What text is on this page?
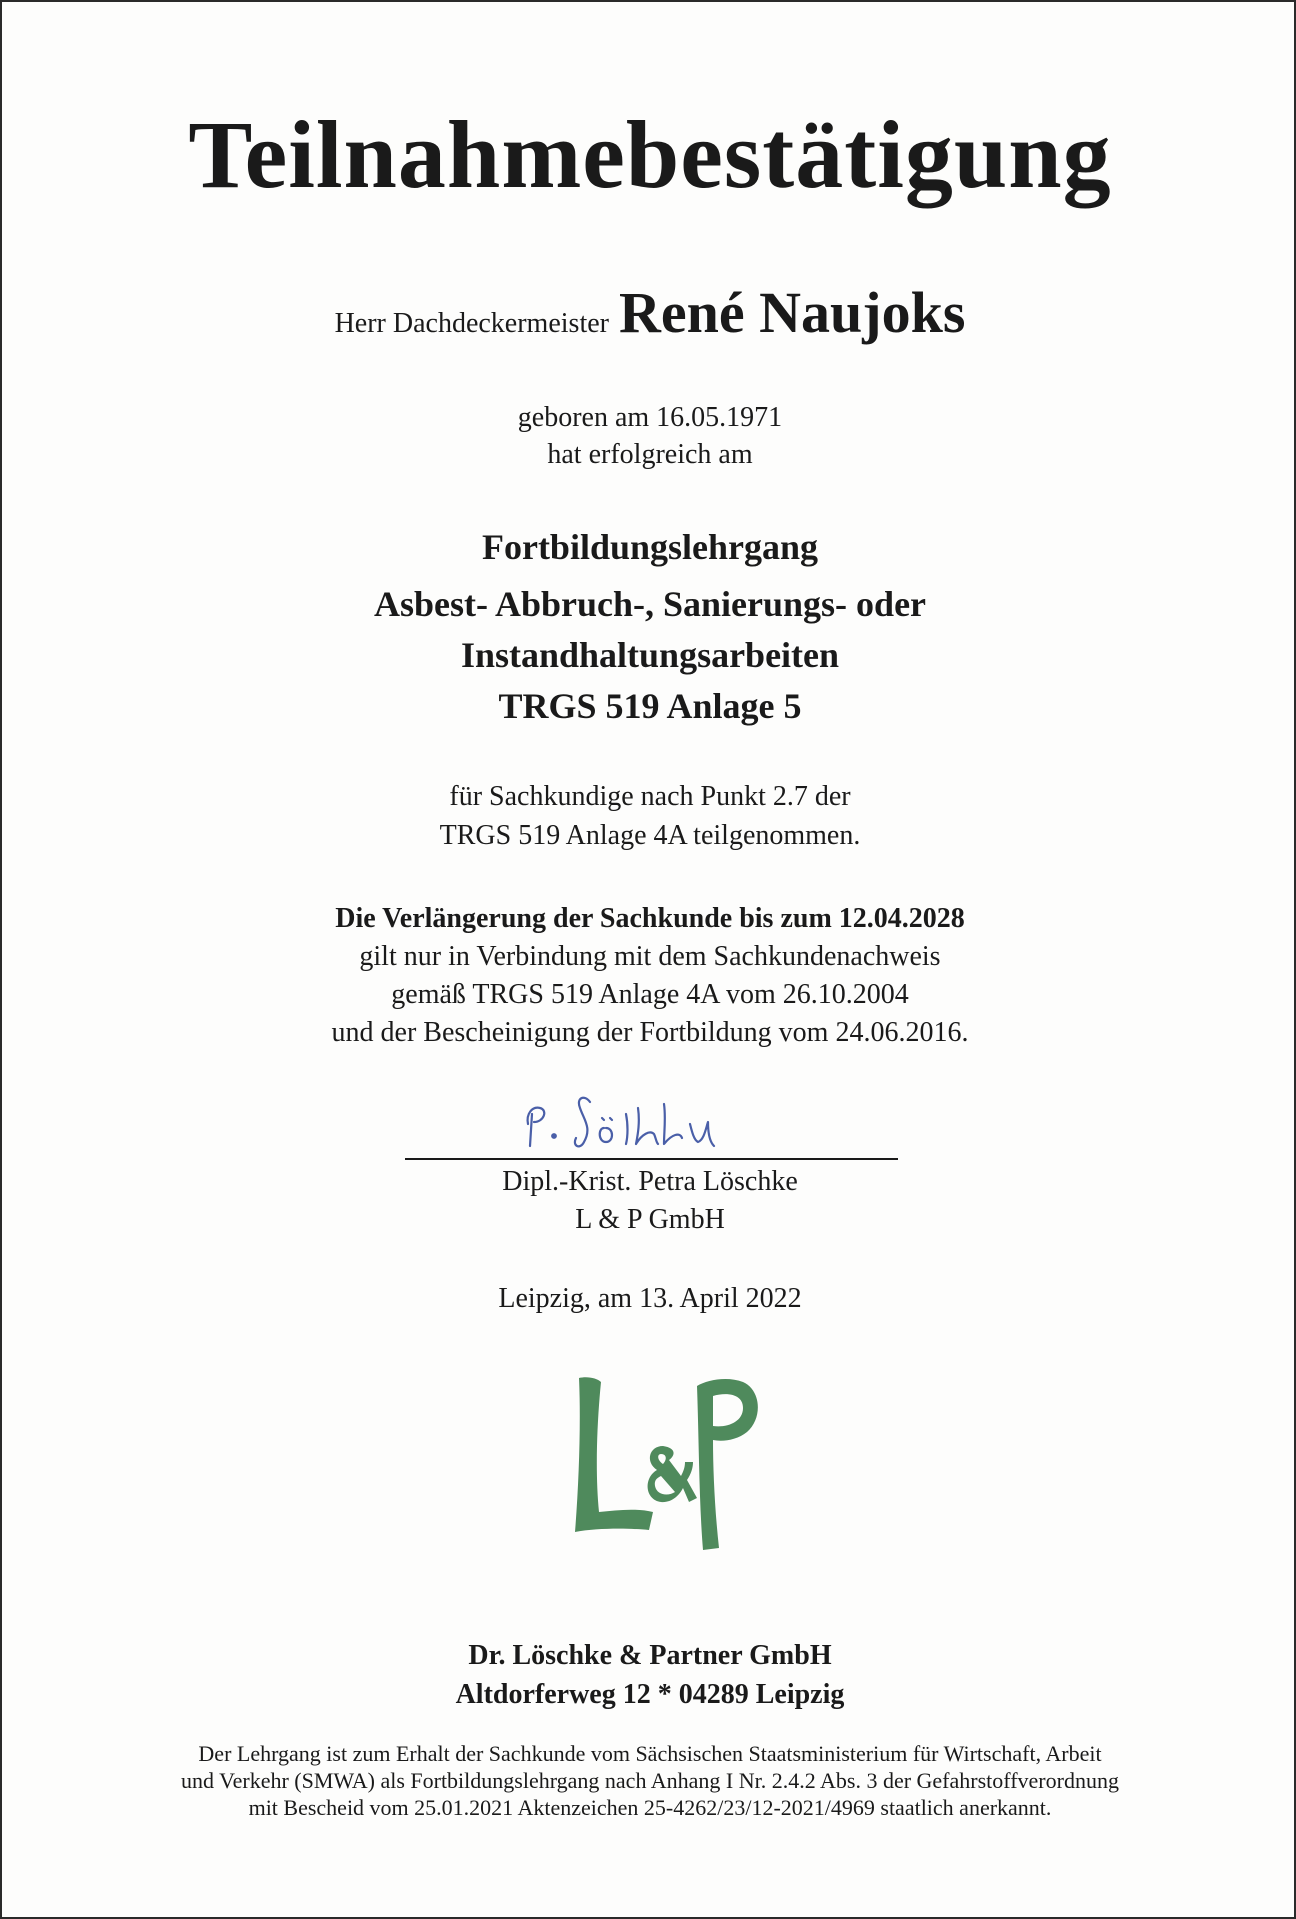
Teilnahmebestätigung
Herr Dachdeckermeister René Naujoks
geboren am 16.05.1971
hat erfolgreich am
Fortbildungslehrgang
Asbest- Abbruch-, Sanierungs- oder
Instandhaltungsarbeiten
TRGS 519 Anlage 5
für Sachkundige nach Punkt 2.7 der
TRGS 519 Anlage 4A teilgenommen.
Die Verlängerung der Sachkunde bis zum 12.04.2028
gilt nur in Verbindung mit dem Sachkundenachweis
gemäß TRGS 519 Anlage 4A vom 26.10.2004
und der Bescheinigung der Fortbildung vom 24.06.2016.
Dipl.-Krist. Petra Löschke
L & P GmbH
Leipzig, am 13. April 2022
Dr. Löschke & Partner GmbH
Altdorferweg 12 * 04289 Leipzig
Der Lehrgang ist zum Erhalt der Sachkunde vom Sächsischen Staatsministerium für Wirtschaft, Arbeit
und Verkehr (SMWA) als Fortbildungslehrgang nach Anhang I Nr. 2.4.2 Abs. 3 der Gefahrstoffverordnung
mit Bescheid vom 25.01.2021 Aktenzeichen 25-4262/23/12-2021/4969 staatlich anerkannt.
